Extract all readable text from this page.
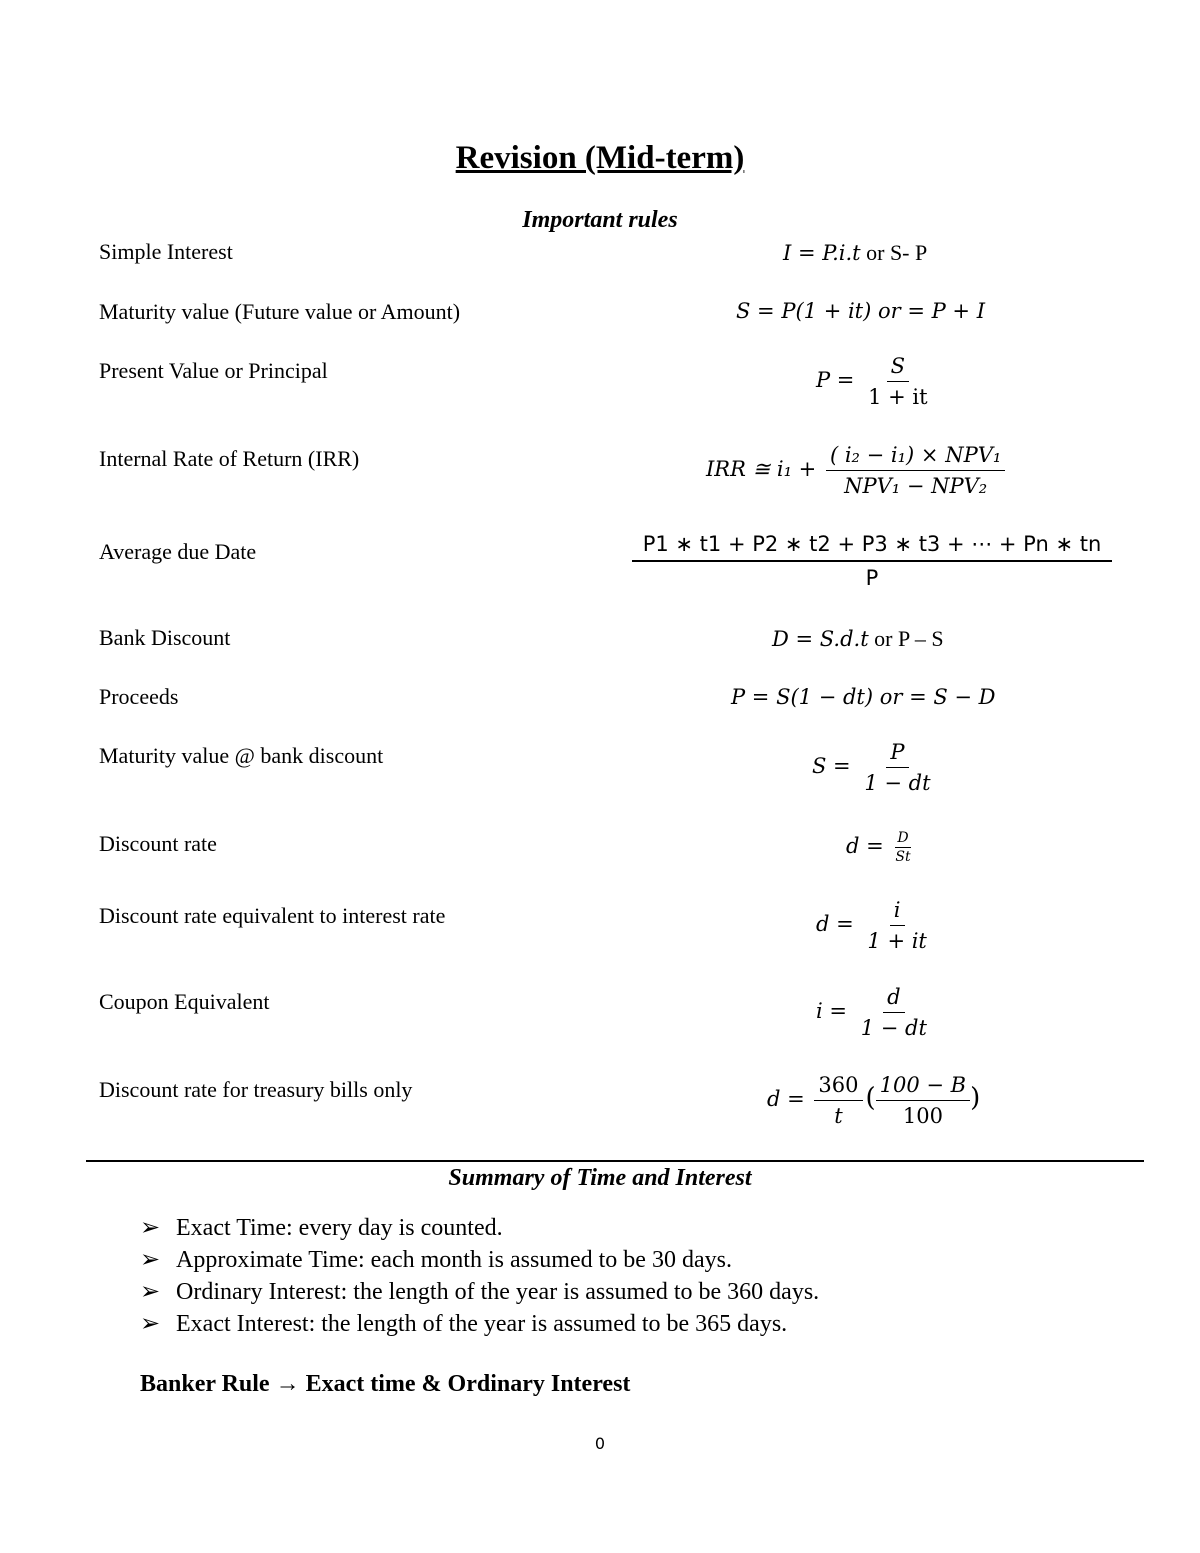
Revision (Mid-term)
Important rules
Simple Interest	I = P.i.t or S- P
Maturity value (Future value or Amount)	S = P(1 + it) or = P + I
Present Value or Principal	$P = \frac{S}{1 + it}$
Internal Rate of Return (IRR)	IRR ≅ $i_1 + \frac{\text{( i₂ − i₁) × NPV₁}}{\text{NPV₁ − NPV₂}}$
Average due Date	$\frac{P1 ∗ t1 + P2 ∗ t2 + P3 ∗ t3 + \cdots + Pn ∗ tn}{P}$
Bank Discount	D = S.d.t or P – S
Proceeds	P = S(1 − dt) or = S − D
Maturity value @ bank discount	$S = \frac{P}{1 - dt}$
Discount rate	$d = \frac{D}{St}$
Discount rate equivalent to interest rate	$d = \frac{i}{1 + it}$
Coupon Equivalent	$i = \frac{d}{1 - dt}$
Discount rate for treasury bills only	$d = \frac{360}{t}$ ( $\frac{100 - B}{100}$ )
Summary of Time and Interest
➢ Exact Time: every day is counted.
➢ Approximate Time: each month is assumed to be 30 days.
➢ Ordinary Interest: the length of the year is assumed to be 360 days.
➢ Exact Interest: the length of the year is assumed to be 365 days.
Banker Rule → Exact time & Ordinary Interest
0
